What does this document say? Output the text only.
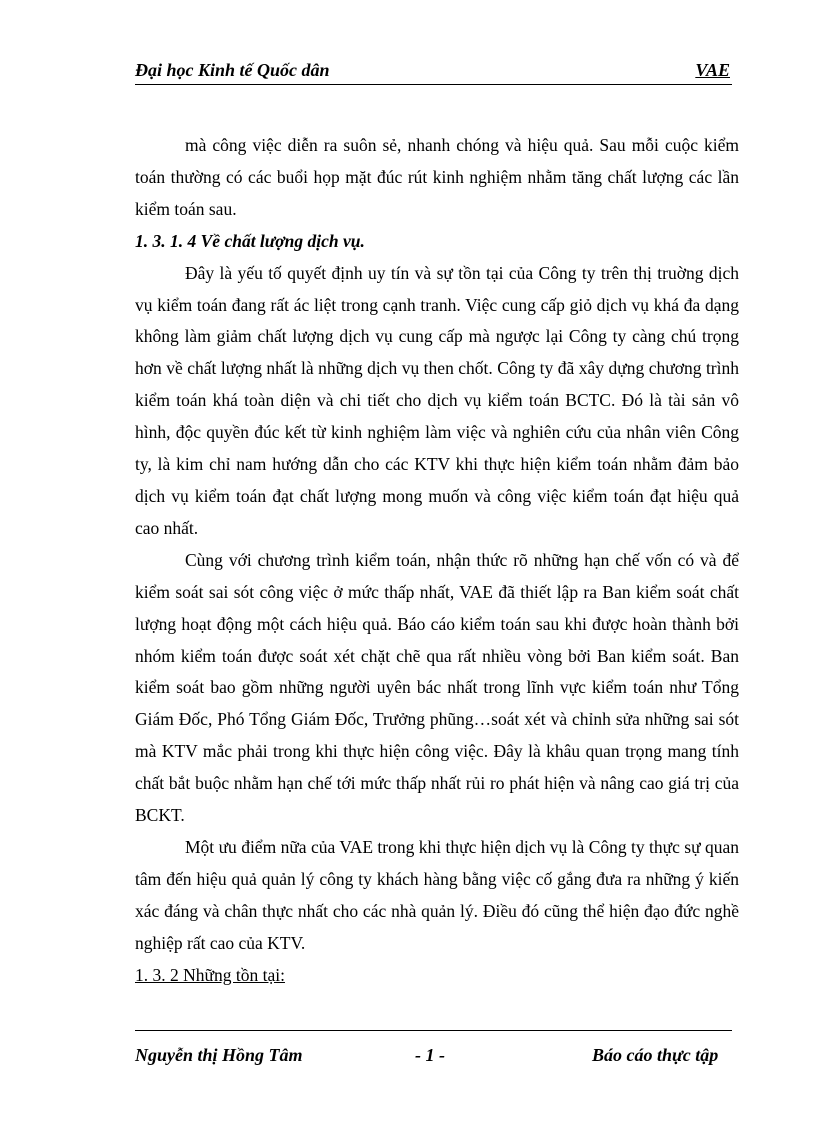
Đại học Kinh tế Quốc dân	VAE

mà công việc diễn ra suôn sẻ, nhanh chóng và hiệu quả. Sau mỗi cuộc kiểm toán thường có các buổi họp mặt đúc rút kinh nghiệm nhằm tăng chất lượng các lần kiểm toán sau.

1. 3. 1. 4 Về chất lượng dịch vụ.

Đây là yếu tố quyết định uy tín và sự tồn tại của Công ty trên thị truờng dịch vụ kiểm toán đang rất ác liệt trong cạnh tranh. Việc cung cấp giỏ dịch vụ khá đa dạng không làm giảm chất lượng dịch vụ cung cấp mà ngược lại Công ty càng chú trọng hơn về chất lượng nhất là những dịch vụ then chốt. Công ty đã xây dựng chương trình kiểm toán khá toàn diện và chi tiết cho dịch vụ kiểm toán BCTC. Đó là tài sản vô hình, độc quyền đúc kết từ kinh nghiệm làm việc và nghiên cứu của nhân viên Công ty, là kim chỉ nam hướng dẫn cho các KTV khi thực hiện kiểm toán nhằm đảm bảo dịch vụ kiểm toán đạt chất lượng mong muốn và công việc kiểm toán đạt hiệu quả cao nhất.

Cùng với chương trình kiểm toán, nhận thức rõ những hạn chế vốn có và để kiểm soát sai sót công việc ở mức thấp nhất, VAE đã thiết lập ra Ban kiểm soát chất lượng hoạt động một cách hiệu quả. Báo cáo kiểm toán sau khi được hoàn thành bởi nhóm kiểm toán được soát xét chặt chẽ qua rất nhiều vòng bởi Ban kiểm soát. Ban kiểm soát bao gồm những người uyên bác nhất trong lĩnh vực kiểm toán như Tổng Giám Đốc, Phó Tổng Giám Đốc, Trưởng phũng…soát xét và chỉnh sửa những sai sót mà KTV mắc phải trong khi thực hiện công việc. Đây là khâu quan trọng mang tính chất bắt buộc nhằm hạn chế tới mức thấp nhất rủi ro phát hiện và nâng cao giá trị của BCKT.

Một ưu điểm nữa của VAE trong khi thực hiện dịch vụ là Công ty thực sự quan tâm đến hiệu quả quản lý công ty khách hàng bằng việc cố gắng đưa ra những ý kiến xác đáng và chân thực nhất cho các nhà quản lý. Điều đó cũng thể hiện đạo đức nghề nghiệp rất cao của KTV.

1. 3. 2 Những tồn tại:
Nguyễn thị Hồng Tâm	- 1 -	Báo cáo thực tập
